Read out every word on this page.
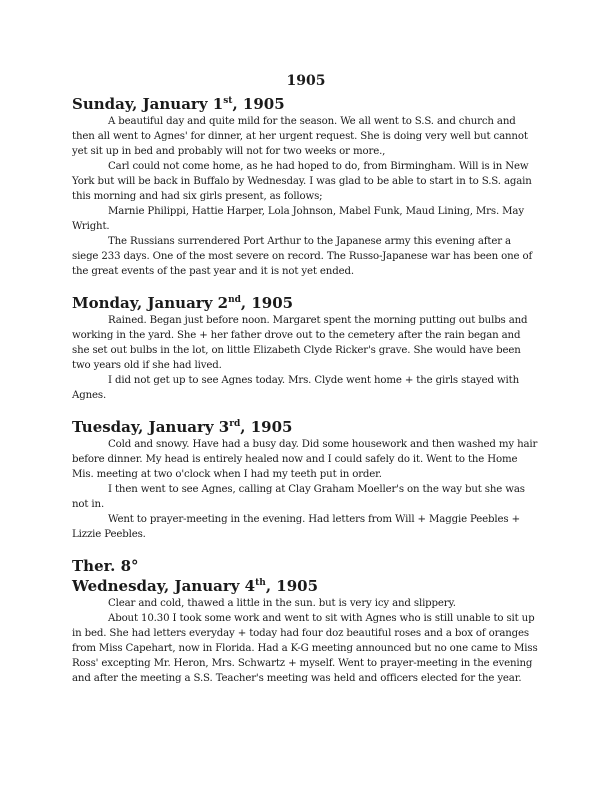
1905
Sunday, January 1st, 1905

A beautiful day and quite mild for the season. We all went to S.S. and church and then all went to Agnes' for dinner, at her urgent request. She is doing very well but cannot yet sit up in bed and probably will not for two weeks or more.,

Carl could not come home, as he had hoped to do, from Birmingham. Will is in New York but will be back in Buffalo by Wednesday. I was glad to be able to start in to S.S. again this morning and had six girls present, as follows;

Marnie Philippi, Hattie Harper, Lola Johnson, Mabel Funk, Maud Lining, Mrs. May Wright.

The Russians surrendered Port Arthur to the Japanese army this evening after a siege 233 days. One of the most severe on record. The Russo-Japanese war has been one of the great events of the past year and it is not yet ended.

Monday, January 2nd, 1905

Rained. Began just before noon. Margaret spent the morning putting out bulbs and working in the yard. She + her father drove out to the cemetery after the rain began and she set out bulbs in the lot, on little Elizabeth Clyde Ricker's grave. She would have been two years old if she had lived.

I did not get up to see Agnes today. Mrs. Clyde went home + the girls stayed with Agnes.

Tuesday, January 3rd, 1905

Cold and snowy. Have had a busy day. Did some housework and then washed my hair before dinner. My head is entirely healed now and I could safely do it. Went to the Home Mis. meeting at two o'clock when I had my teeth put in order.

I then went to see Agnes, calling at Clay Graham Moeller's on the way but she was not in.

Went to prayer-meeting in the evening. Had letters from Will + Maggie Peebles + Lizzie Peebles.

Ther. 8°
Wednesday, January 4th, 1905

Clear and cold, thawed a little in the sun. but is very icy and slippery.

About 10.30 I took some work and went to sit with Agnes who is still unable to sit up in bed. She had letters everyday + today had four doz beautiful roses and a box of oranges from Miss Capehart, now in Florida. Had a K-G meeting announced but no one came to Miss Ross' excepting Mr. Heron, Mrs. Schwartz + myself. Went to prayer-meeting in the evening and after the meeting a S.S. Teacher's meeting was held and officers elected for the year.
